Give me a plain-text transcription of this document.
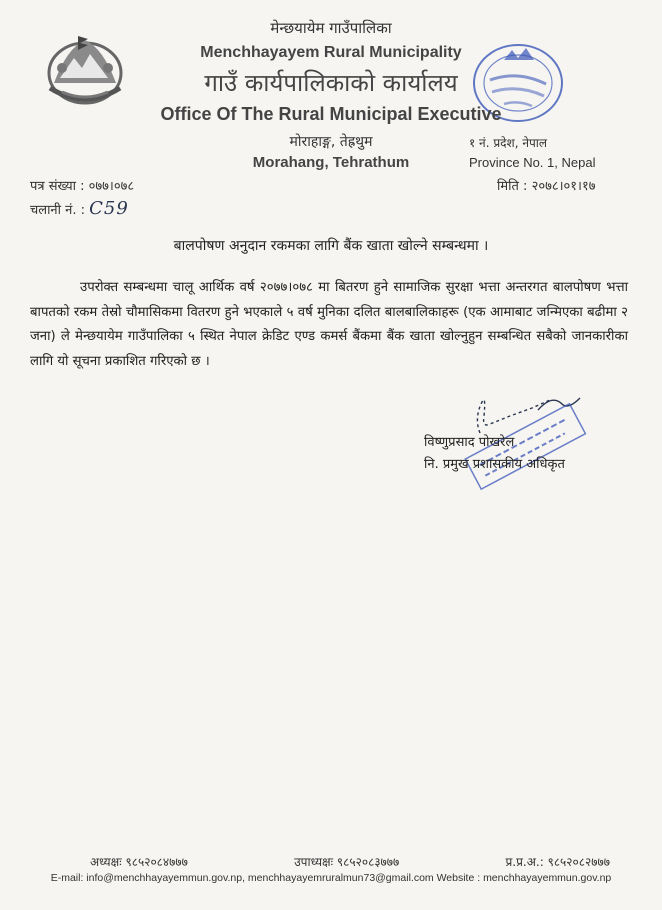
मेन्छयायेम गाउँपालिका
Menchhayayem Rural Municipality
गाउँ कार्यपालिकाको कार्यालय
Office Of The Rural Municipal Executive
मोराहाङ्ग, तेह्रथुम
Morahang, Tehrathum
१ नं. प्रदेश, नेपाल
Province No. 1, Nepal
पत्र संख्या : ०७७।०७८
चलानी नं. : C59
मिति : २०७८।०१।१७
बालपोषण अनुदान रकमका लागि बैंक खाता खोल्ने सम्बन्धमा ।
उपरोक्त सम्बन्धमा चालू आर्थिक वर्ष २०७७।०७८ मा बितरण हुने सामाजिक सुरक्षा भत्ता अन्तरगत बालपोषण भत्ता बापतको रकम तेस्रो चौमासिकमा वितरण हुने भएकाले ५ वर्ष मुनिका दलित बालबालिकाहरू (एक आमाबाट जन्मिएका बढीमा २ जना) ले मेन्छयायेम गाउँपालिका ५ स्थित नेपाल क्रेडिट एण्ड कमर्स बैंकमा बैंक खाता खोल्नुहुन सम्बन्धित सबैको जानकारीका लागि यो सूचना प्रकाशित गरिएको छ ।
विष्णुप्रसाद पोखरेल
नि. प्रमुख प्रशासकीय अधिकृत
अध्यक्षः ९८५२०८४७७७	उपाध्यक्षः ९८५२०८३७७७	प्र.प्र.अ.: ९८५२०८२७७७
E-mail: info@menchhayayemmun.gov.np, menchhayayemruralmun73@gmail.com Website : menchhayayemmun.gov.np
